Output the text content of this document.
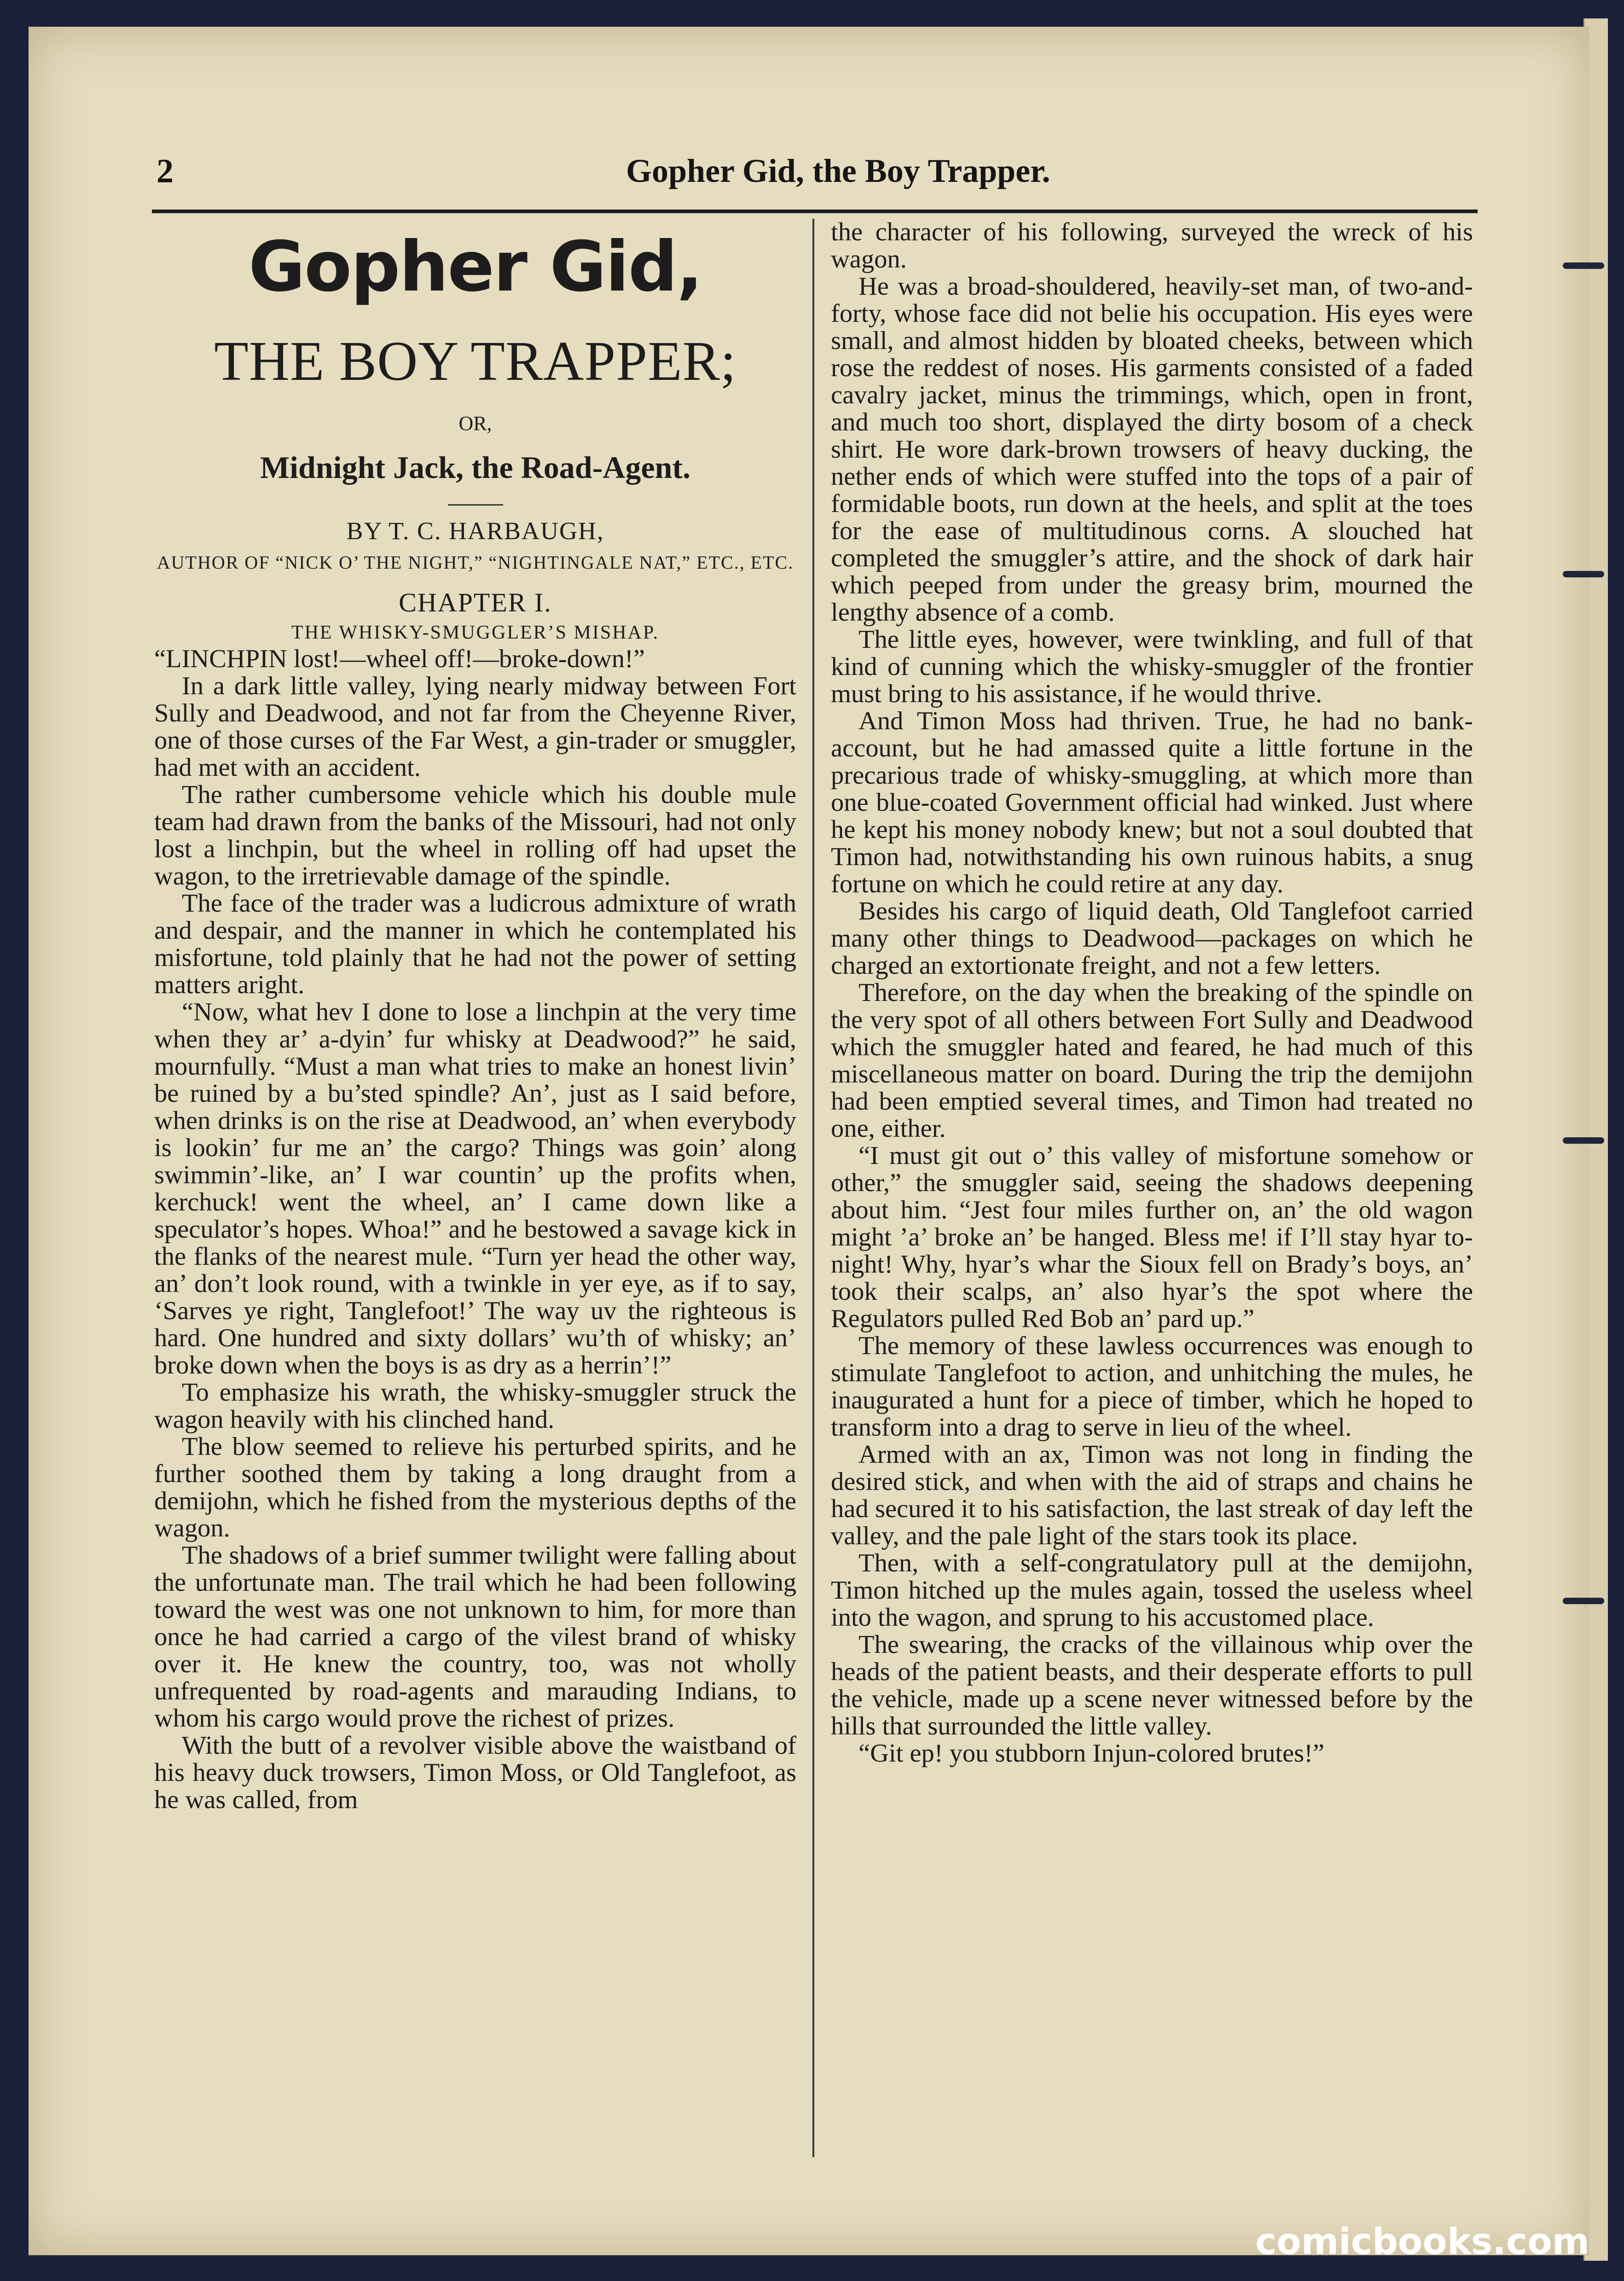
2	Gopher Gid, the Boy Trapper.
Gopher Gid,
THE BOY TRAPPER;
OR,
Midnight Jack, the Road-Agent.
BY T. C. HARBAUGH,
AUTHOR OF “NICK O’ THE NIGHT,” “NIGHTINGALE NAT,” ETC., ETC.
CHAPTER I.
THE WHISKY-SMUGGLER’S MISHAP.

“LINCHPIN lost!—wheel off!—broke-down!”

In a dark little valley, lying nearly midway between Fort Sully and Deadwood, and not far from the Cheyenne River, one of those curses of the Far West, a gin-trader or smuggler, had met with an accident.

The rather cumbersome vehicle which his double mule team had drawn from the banks of the Missouri, had not only lost a linchpin, but the wheel in rolling off had upset the wagon, to the irretrievable damage of the spindle.

The face of the trader was a ludicrous admixture of wrath and despair, and the manner in which he contemplated his misfortune, told plainly that he had not the power of setting matters aright.

“Now, what hev I done to lose a linchpin at the very time when they ar’ a-dyin’ fur whisky at Deadwood?” he said, mournfully. “Must a man what tries to make an honest livin’ be ruined by a bu’sted spindle? An’, just as I said before, when drinks is on the rise at Deadwood, an’ when everybody is lookin’ fur me an’ the cargo? Things was goin’ along swimmin’-like, an’ I war countin’ up the profits when, kerchuck! went the wheel, an’ I came down like a speculator’s hopes. Whoa!” and he bestowed a savage kick in the flanks of the nearest mule. “Turn yer head the other way, an’ don’t look round, with a twinkle in yer eye, as if to say, ‘Sarves ye right, Tanglefoot!’ The way uv the righteous is hard. One hundred and sixty dollars’ wu’th of whisky; an’ broke down when the boys is as dry as a herrin’!”

To emphasize his wrath, the whisky-smuggler struck the wagon heavily with his clinched hand.

The blow seemed to relieve his perturbed spirits, and he further soothed them by taking a long draught from a demijohn, which he fished from the mysterious depths of the wagon.

The shadows of a brief summer twilight were falling about the unfortunate man. The trail which he had been following toward the west was one not unknown to him, for more than once he had carried a cargo of the vilest brand of whisky over it. He knew the country, too, was not wholly unfrequented by road-agents and marauding Indians, to whom his cargo would prove the richest of prizes.

With the butt of a revolver visible above the waistband of his heavy duck trowsers, Timon Moss, or Old Tanglefoot, as he was called, from

the character of his following, surveyed the wreck of his wagon.

He was a broad-shouldered, heavily-set man, of two-and-forty, whose face did not belie his occupation. His eyes were small, and almost hidden by bloated cheeks, between which rose the reddest of noses. His garments consisted of a faded cavalry jacket, minus the trimmings, which, open in front, and much too short, displayed the dirty bosom of a check shirt. He wore dark-brown trowsers of heavy ducking, the nether ends of which were stuffed into the tops of a pair of formidable boots, run down at the heels, and split at the toes for the ease of multitudinous corns. A slouched hat completed the smuggler’s attire, and the shock of dark hair which peeped from under the greasy brim, mourned the lengthy absence of a comb.

The little eyes, however, were twinkling, and full of that kind of cunning which the whisky-smuggler of the frontier must bring to his assistance, if he would thrive.

And Timon Moss had thriven. True, he had no bank-account, but he had amassed quite a little fortune in the precarious trade of whisky-smuggling, at which more than one blue-coated Government official had winked. Just where he kept his money nobody knew; but not a soul doubted that Timon had, notwithstanding his own ruinous habits, a snug fortune on which he could retire at any day.

Besides his cargo of liquid death, Old Tanglefoot carried many other things to Deadwood—packages on which he charged an extortionate freight, and not a few letters.

Therefore, on the day when the breaking of the spindle on the very spot of all others between Fort Sully and Deadwood which the smuggler hated and feared, he had much of this miscellaneous matter on board. During the trip the demijohn had been emptied several times, and Timon had treated no one, either.

“I must git out o’ this valley of misfortune somehow or other,” the smuggler said, seeing the shadows deepening about him. “Jest four miles further on, an’ the old wagon might ’a’ broke an’ be hanged. Bless me! if I’ll stay hyar to-night! Why, hyar’s whar the Sioux fell on Brady’s boys, an’ took their scalps, an’ also hyar’s the spot where the Regulators pulled Red Bob an’ pard up.”

The memory of these lawless occurrences was enough to stimulate Tanglefoot to action, and unhitching the mules, he inaugurated a hunt for a piece of timber, which he hoped to transform into a drag to serve in lieu of the wheel.

Armed with an ax, Timon was not long in finding the desired stick, and when with the aid of straps and chains he had secured it to his satisfaction, the last streak of day left the valley, and the pale light of the stars took its place.

Then, with a self-congratulatory pull at the demijohn, Timon hitched up the mules again, tossed the useless wheel into the wagon, and sprung to his accustomed place.

The swearing, the cracks of the villainous whip over the heads of the patient beasts, and their desperate efforts to pull the vehicle, made up a scene never witnessed before by the hills that surrounded the little valley.

“Git ep! you stubborn Injun-colored brutes!”

comicbooks.com
